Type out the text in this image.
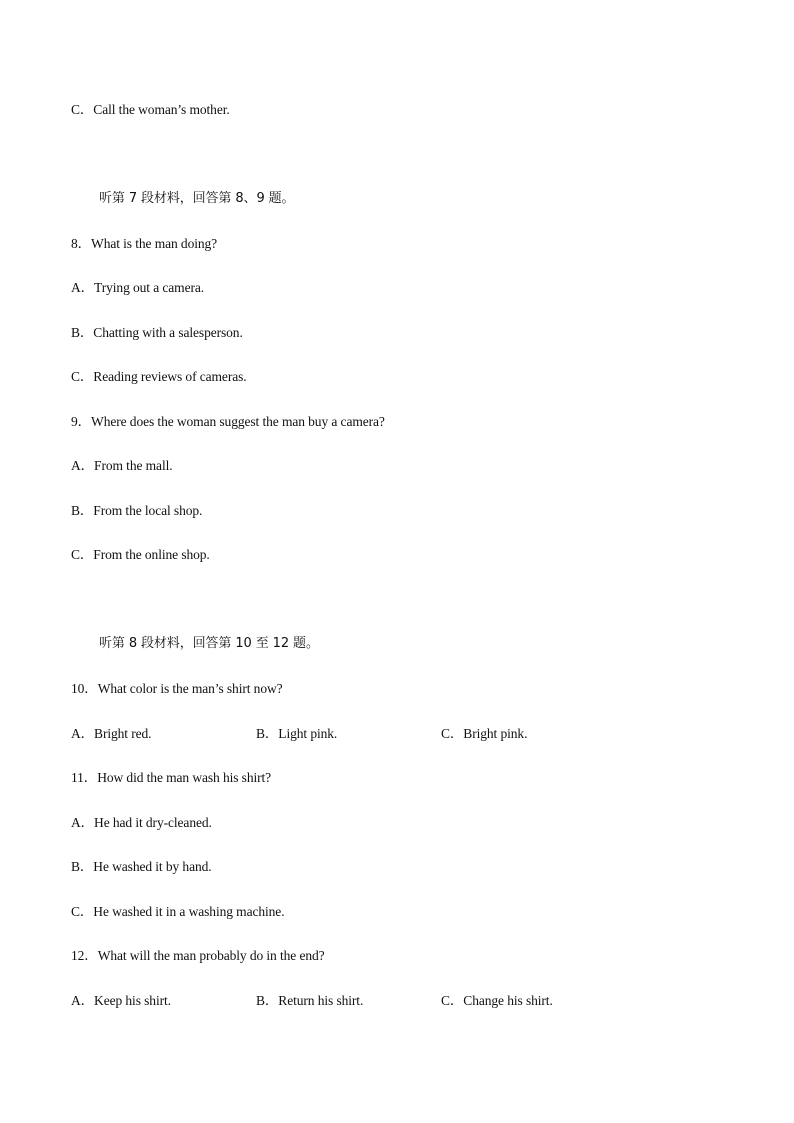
C．Call the woman’s mother.
听第 7 段材料，回答第 8、9 题。
8．What is the man doing?
A．Trying out a camera.
B．Chatting with a salesperson.
C．Reading reviews of cameras.
9．Where does the woman suggest the man buy a camera?
A．From the mall.
B．From the local shop.
C．From the online shop.
听第 8 段材料，回答第 10 至 12 题。
10．What color is the man’s shirt now?
A．Bright red.	B．Light pink.	C．Bright pink.
11．How did the man wash his shirt?
A．He had it dry-cleaned.
B．He washed it by hand.
C．He washed it in a washing machine.
12．What will the man probably do in the end?
A．Keep his shirt.	B．Return his shirt.	C．Change his shirt.
